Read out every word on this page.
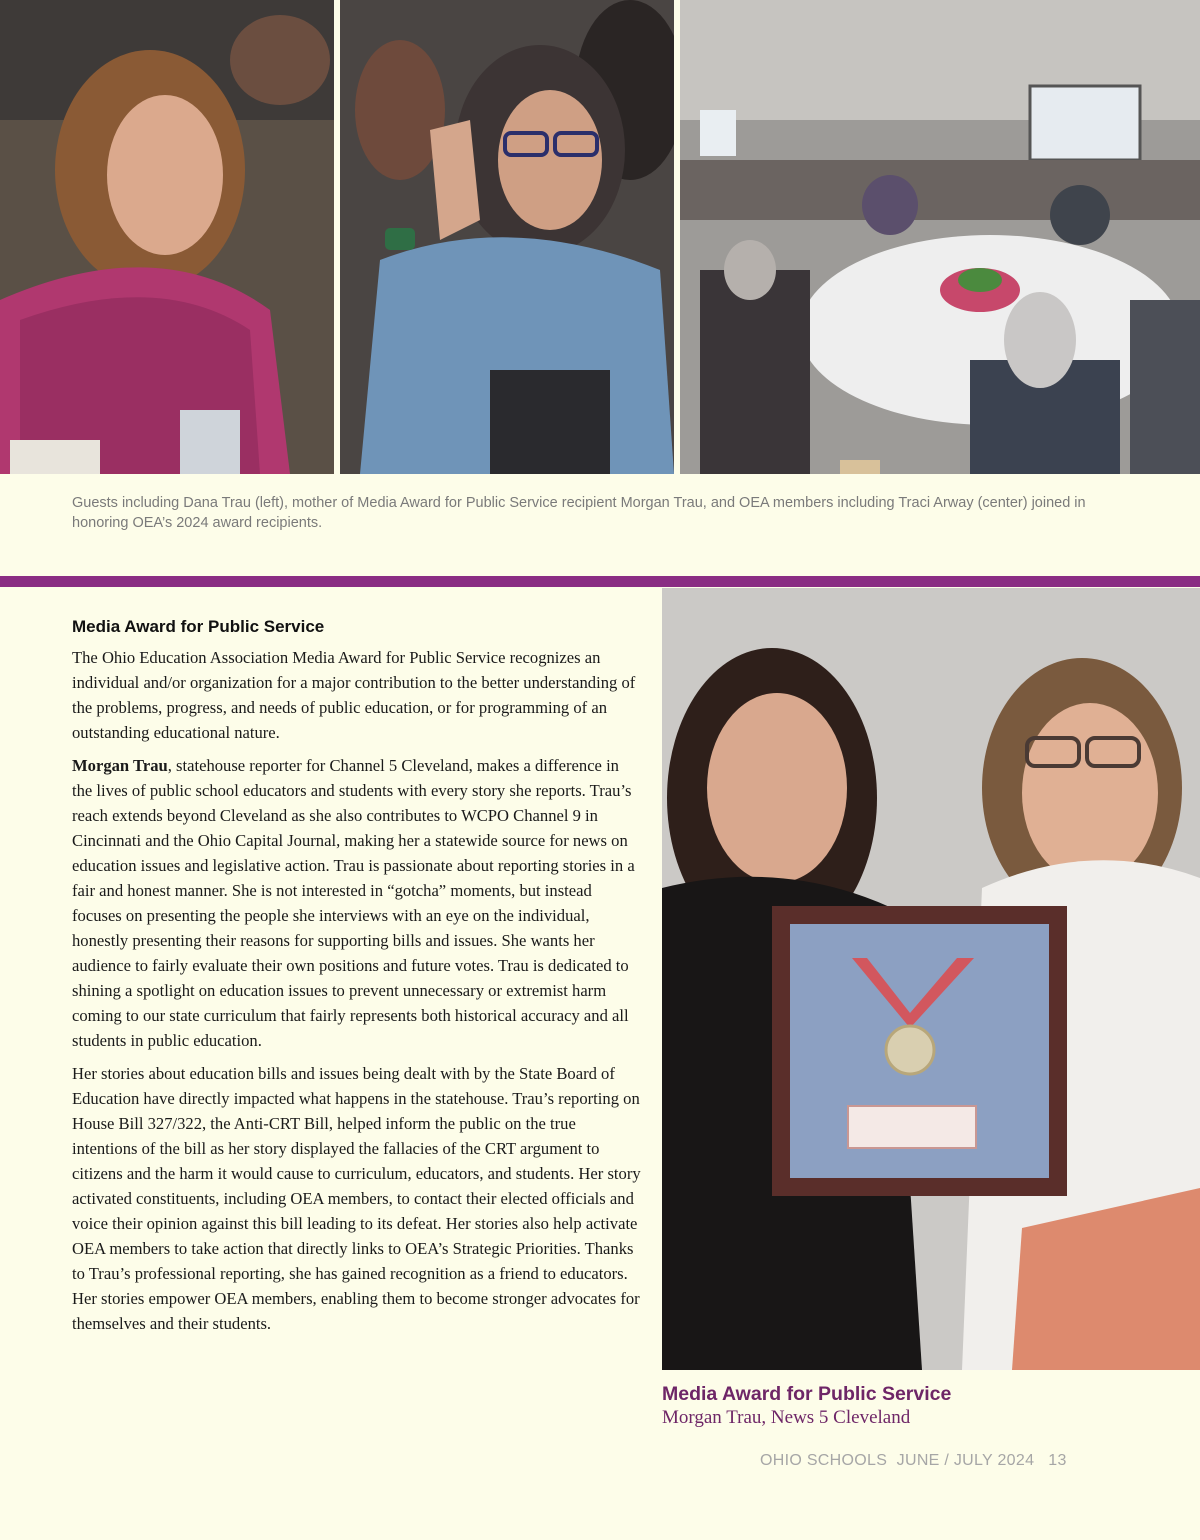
Guests including Dana Trau (left), mother of Media Award for Public Service recipient Morgan Trau, and OEA members including Traci Arway (center) joined in honoring OEA’s 2024 award recipients.
Media Award for Public Service

The Ohio Education Association Media Award for Public Service recognizes an individual and/or organization for a major contribution to the better understanding of the problems, progress, and needs of public education, or for programming of an outstanding educational nature.

Morgan Trau, statehouse reporter for Channel 5 Cleveland, makes a difference in the lives of public school educators and students with every story she reports. Trau’s reach extends beyond Cleveland as she also contributes to WCPO Channel 9 in Cincinnati and the Ohio Capital Journal, making her a statewide source for news on education issues and legislative action. Trau is passionate about reporting stories in a fair and honest manner. She is not interested in “gotcha” moments, but instead focuses on presenting the people she interviews with an eye on the individual, honestly presenting their reasons for supporting bills and issues. She wants her audience to fairly evaluate their own positions and future votes. Trau is dedicated to shining a spotlight on education issues to prevent unnecessary or extremist harm coming to our state curriculum that fairly represents both historical accuracy and all students in public education.

Her stories about education bills and issues being dealt with by the State Board of Education have directly impacted what happens in the statehouse. Trau’s reporting on House Bill 327/322, the Anti-CRT Bill, helped inform the public on the true intentions of the bill as her story displayed the fallacies of the CRT argument to citizens and the harm it would cause to curriculum, educators, and students. Her story activated constituents, including OEA members, to contact their elected officials and voice their opinion against this bill leading to its defeat. Her stories also help activate OEA members to take action that directly links to OEA’s Strategic Priorities. Thanks to Trau’s professional reporting, she has gained recognition as a friend to educators. Her stories empower OEA members, enabling them to become stronger advocates for themselves and their students.

Media Award for Public Service
Morgan Trau, News 5 Cleveland
OHIO SCHOOLS  JUNE / JULY 2024 13
